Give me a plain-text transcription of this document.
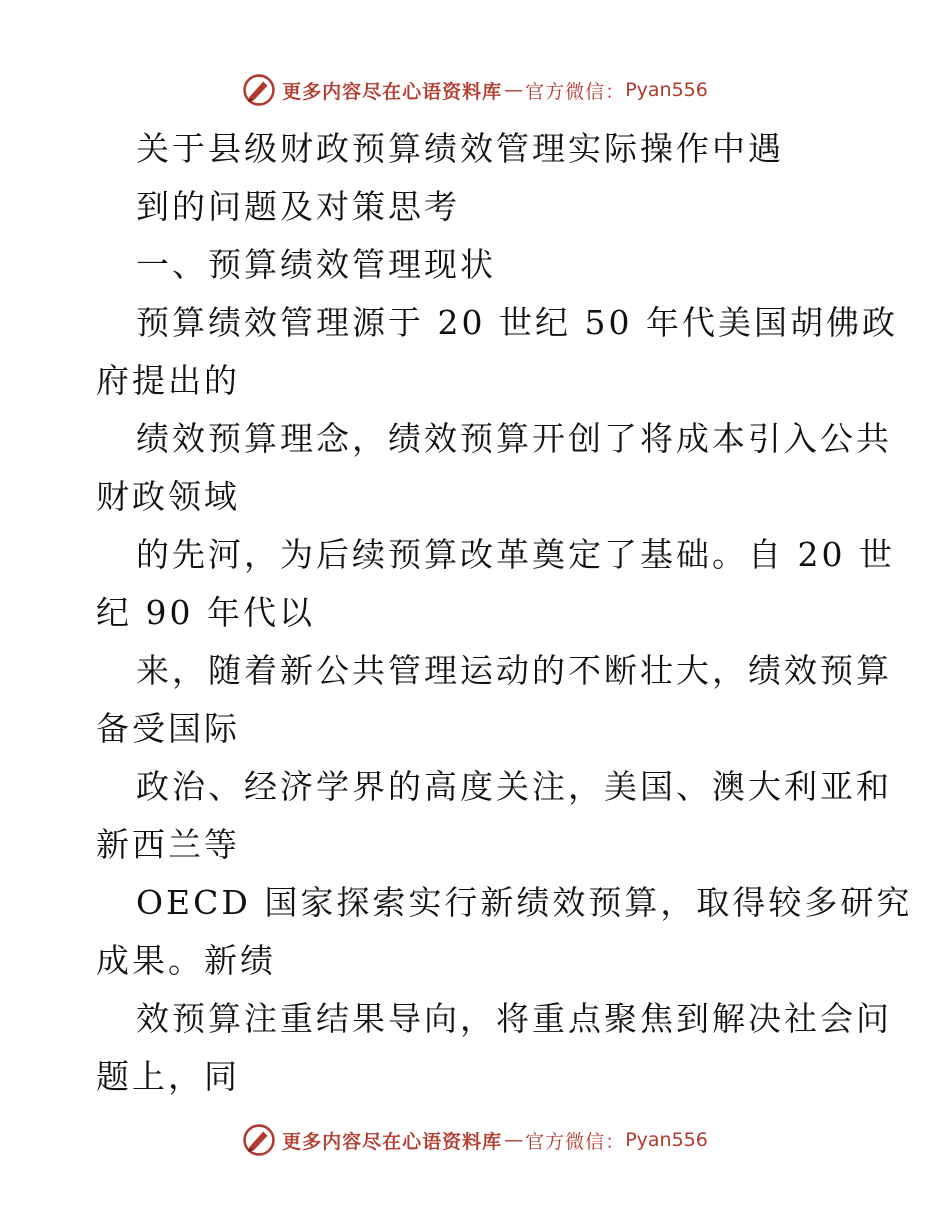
更多内容尽在心语资料库 — 官方微信： Pyan556
关于县级财政预算绩效管理实际操作中遇
到的问题及对策思考
一、预算绩效管理现状
预算绩效管理源于 20 世纪 50 年代美国胡佛政
府提出的
绩效预算理念，绩效预算开创了将成本引入公共
财政领域
的先河，为后续预算改革奠定了基础。自 20 世
纪 90 年代以
来，随着新公共管理运动的不断壮大，绩效预算
备受国际
政治、经济学界的高度关注，美国、澳大利亚和
新西兰等
OECD 国家探索实行新绩效预算，取得较多研究
成果。新绩
效预算注重结果导向，将重点聚焦到解决社会问
题上，同
更多内容尽在心语资料库 — 官方微信： Pyan556
